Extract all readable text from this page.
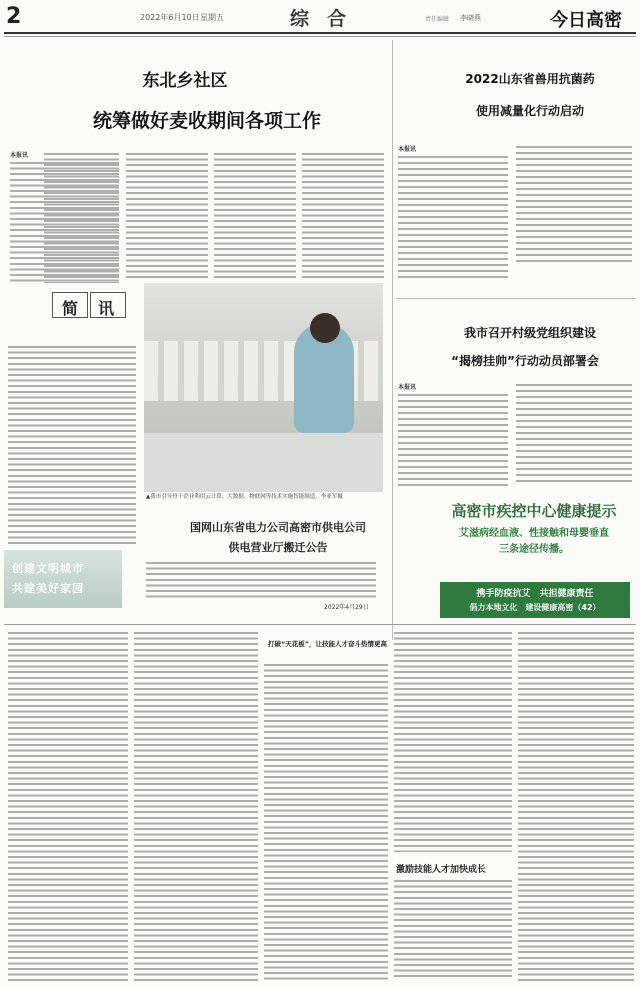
2	2022年6月10日 星期五	综合	责任编辑 李晓燕	今日高密
东北乡社区
统筹做好麦收期间各项工作
本报讯
2022山东省兽用抗菌药
使用减量化行动启动
本报讯
我市召开村级党组织建设
“揭榜挂帅”行动动员部署会
本报讯
简讯
▲我市引导骨干企业利用云计算、大数据、物联网等技术实施智能制造。李亚军摄
国网山东省电力公司高密市供电公司
供电营业厅搬迁公告
2022年4月29日
创建文明城市
共建美好家园
高密市疾控中心健康提示
艾滋病经血液、性接触和母婴垂直
三条途径传播。
携手防疫抗艾　共担健康责任
倡力本地文化　建设健康高密（42）
打破“天花板”，让技能人才奋斗热情更高
激励技能人才加快成长
